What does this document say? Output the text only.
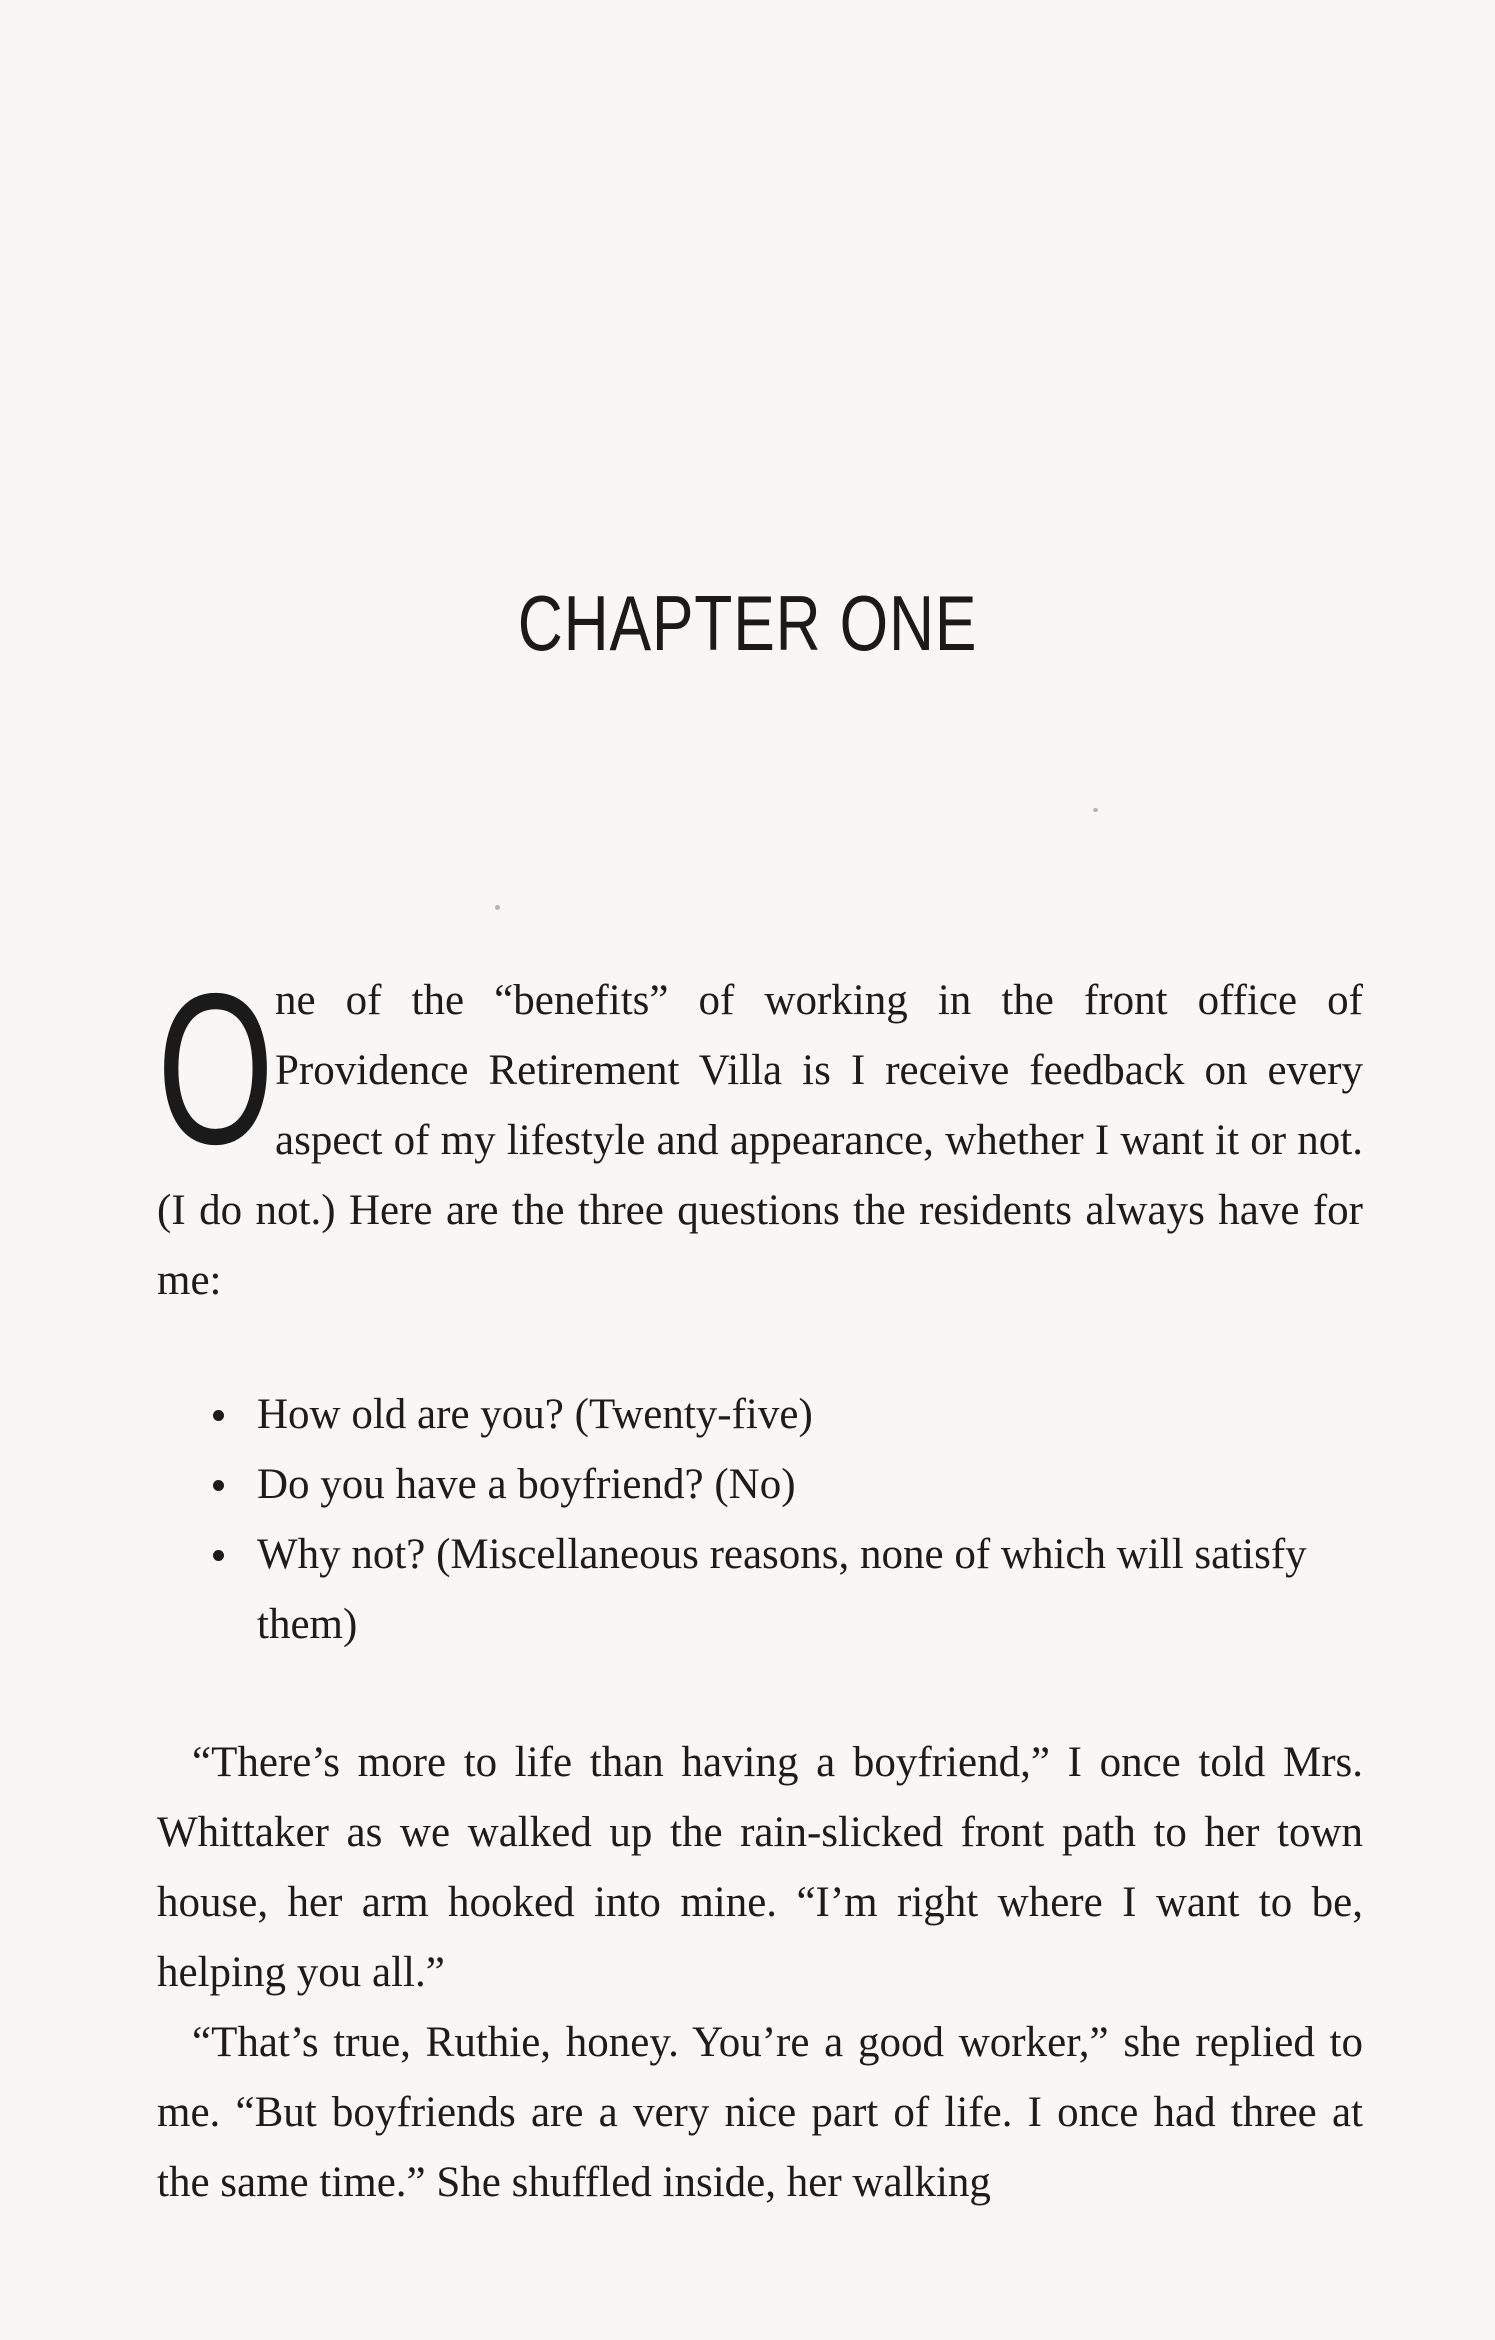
CHAPTER ONE
O ne of the “benefits” of working in the front office of Providence Retirement Villa is I receive feedback on every aspect of my lifestyle and appearance, whether I want it or not. (I do not.) Here are the three questions the residents always have for me:

How old are you? (Twenty-five)
Do you have a boyfriend? (No)
Why not? (Miscellaneous reasons, none of which will satisfy them)

“There’s more to life than having a boyfriend,” I once told Mrs. Whittaker as we walked up the rain-slicked front path to her town house, her arm hooked into mine. “I’m right where I want to be, helping you all.”

“That’s true, Ruthie, honey. You’re a good worker,” she replied to me. “But boyfriends are a very nice part of life. I once had three at the same time.” She shuffled inside, her walking
